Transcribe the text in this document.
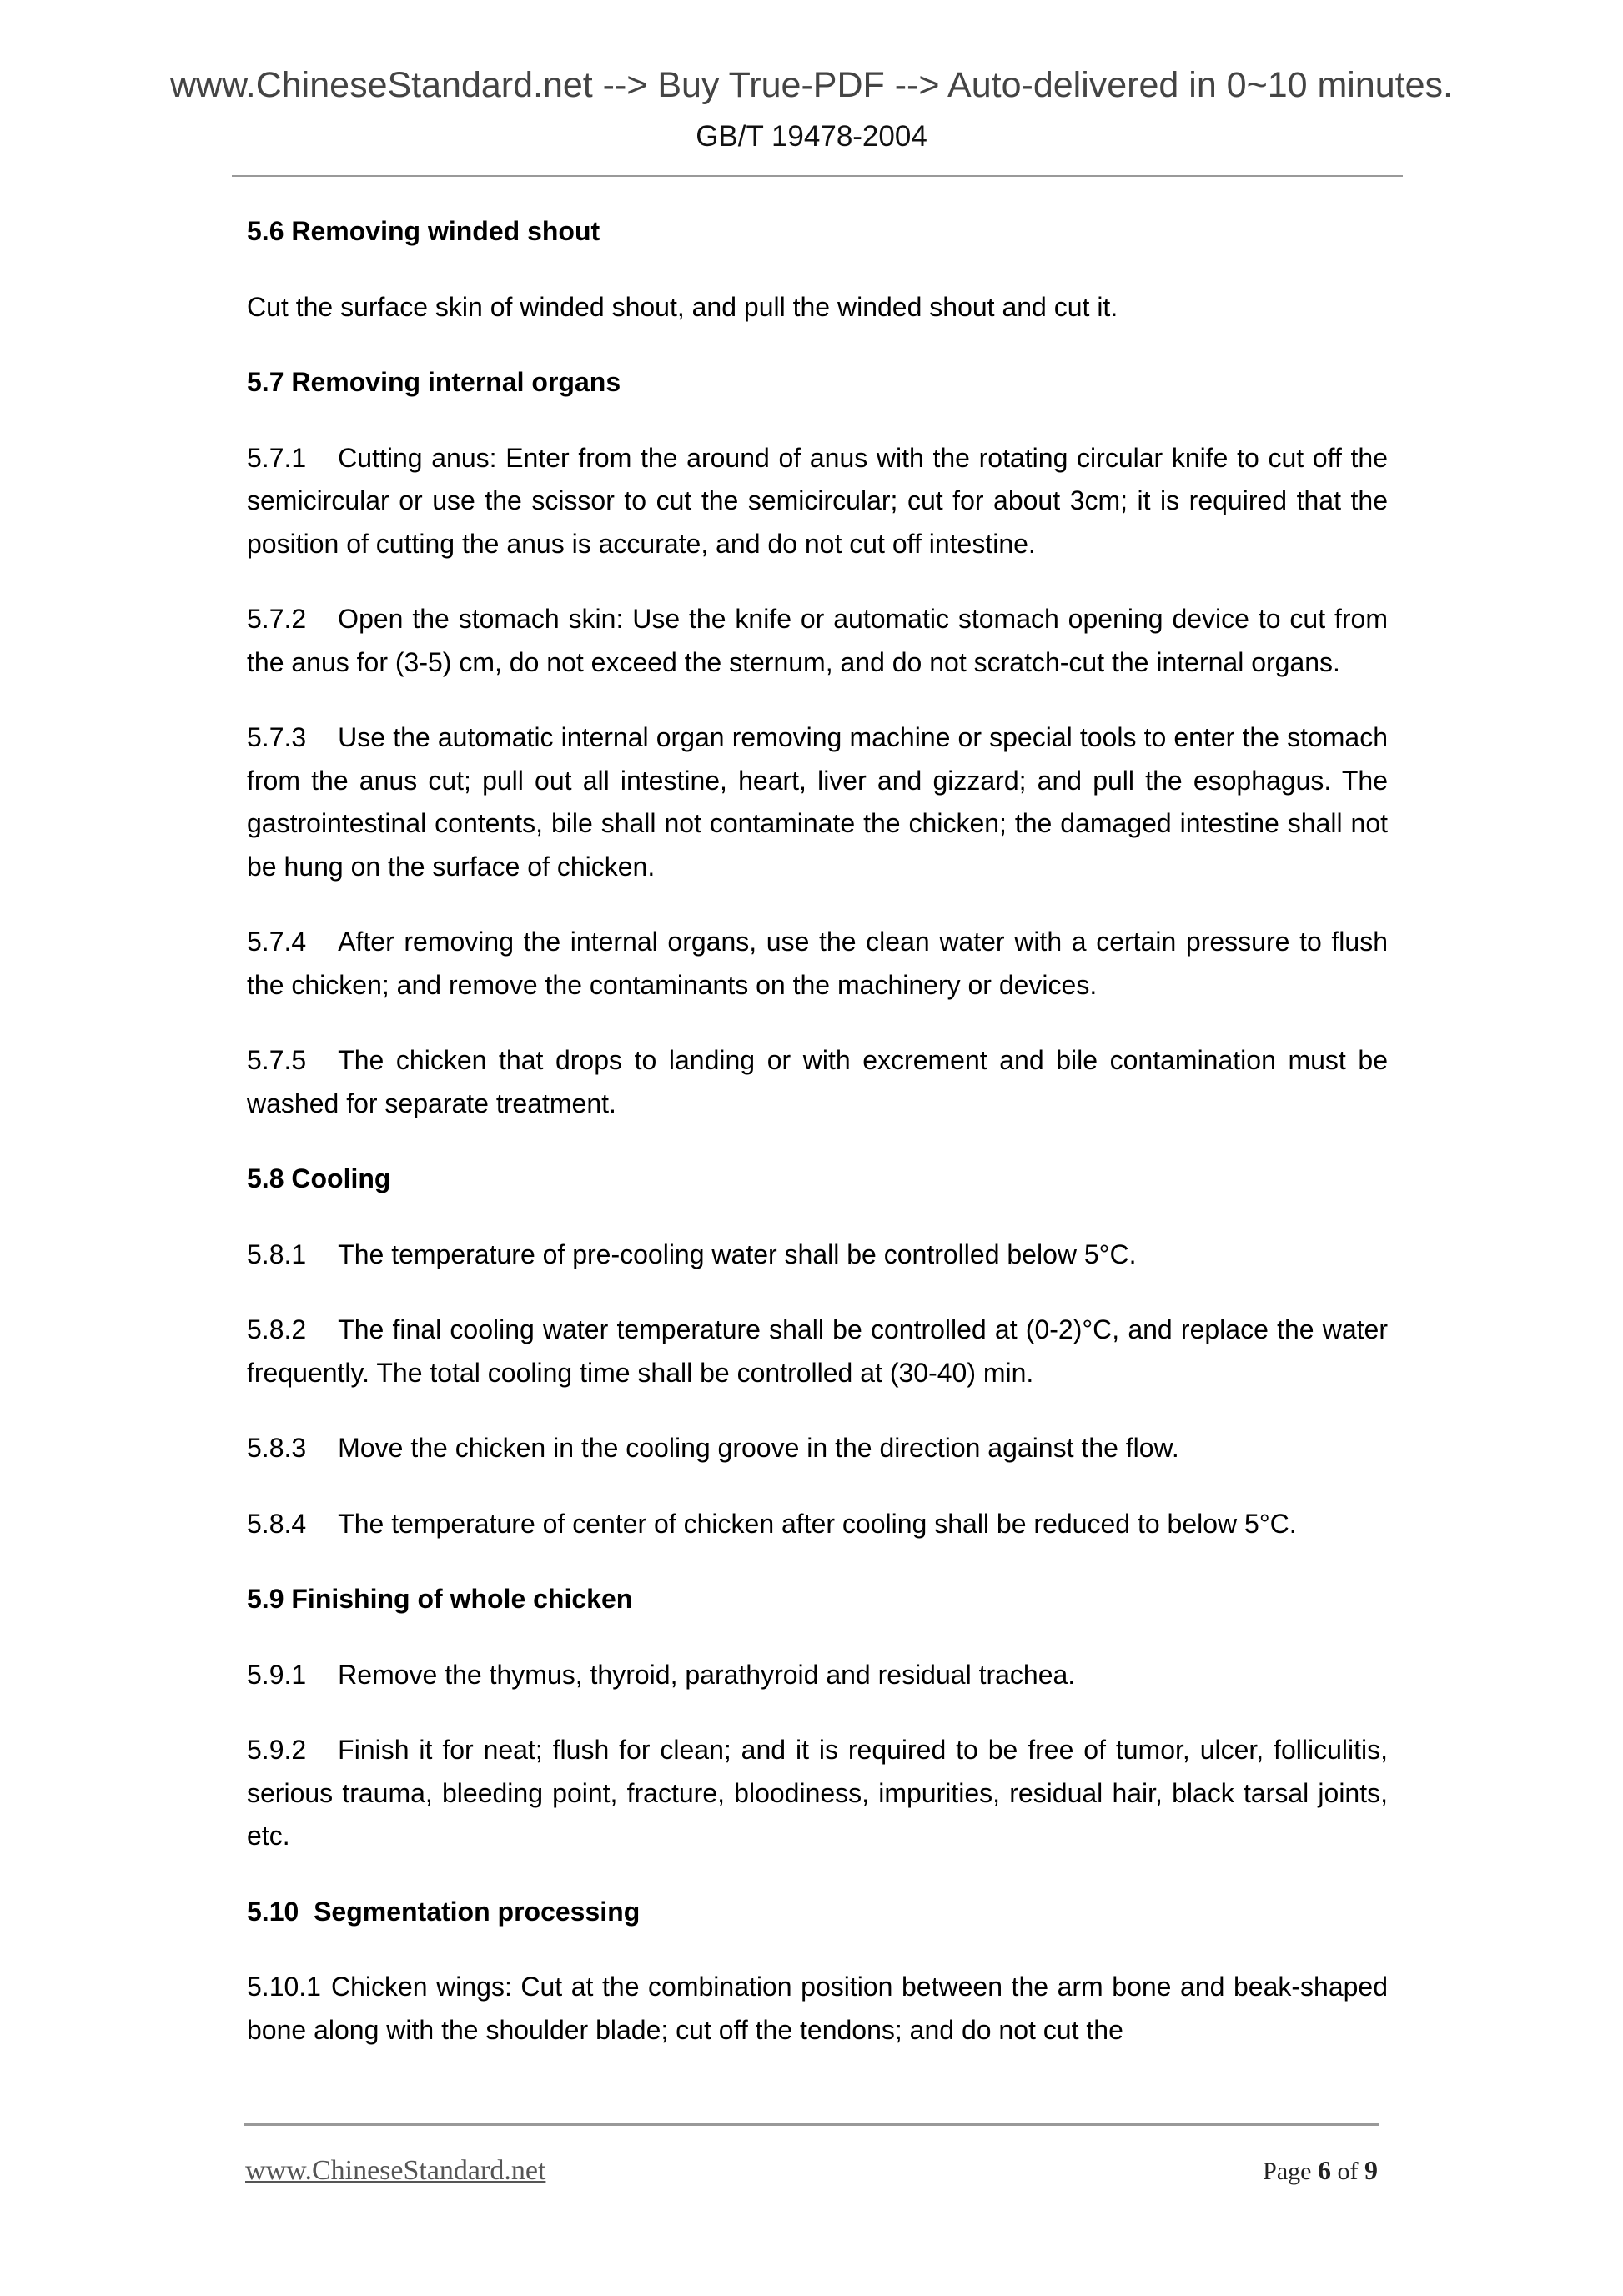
www.ChineseStandard.net --> Buy True-PDF --> Auto-delivered in 0~10 minutes.
GB/T 19478-2004
5.6 Removing winded shout

Cut the surface skin of winded shout, and pull the winded shout and cut it.

5.7 Removing internal organs

5.7.1 Cutting anus: Enter from the around of anus with the rotating circular knife to cut off the semicircular or use the scissor to cut the semicircular; cut for about 3cm; it is required that the position of cutting the anus is accurate, and do not cut off intestine.

5.7.2 Open the stomach skin: Use the knife or automatic stomach opening device to cut from the anus for (3-5) cm, do not exceed the sternum, and do not scratch-cut the internal organs.

5.7.3 Use the automatic internal organ removing machine or special tools to enter the stomach from the anus cut; pull out all intestine, heart, liver and gizzard; and pull the esophagus. The gastrointestinal contents, bile shall not contaminate the chicken; the damaged intestine shall not be hung on the surface of chicken.

5.7.4 After removing the internal organs, use the clean water with a certain pressure to flush the chicken; and remove the contaminants on the machinery or devices.

5.7.5 The chicken that drops to landing or with excrement and bile contamination must be washed for separate treatment.

5.8 Cooling

5.8.1 The temperature of pre-cooling water shall be controlled below 5°C.

5.8.2 The final cooling water temperature shall be controlled at (0-2)°C, and replace the water frequently. The total cooling time shall be controlled at (30-40) min.

5.8.3 Move the chicken in the cooling groove in the direction against the flow.

5.8.4 The temperature of center of chicken after cooling shall be reduced to below 5°C.

5.9 Finishing of whole chicken

5.9.1 Remove the thymus, thyroid, parathyroid and residual trachea.

5.9.2 Finish it for neat; flush for clean; and it is required to be free of tumor, ulcer, folliculitis, serious trauma, bleeding point, fracture, bloodiness, impurities, residual hair, black tarsal joints, etc.

5.10  Segmentation processing

5.10.1 Chicken wings: Cut at the combination position between the arm bone and beak-shaped bone along with the shoulder blade; cut off the tendons; and do not cut the

www.ChineseStandard.net	Page 6 of 9
